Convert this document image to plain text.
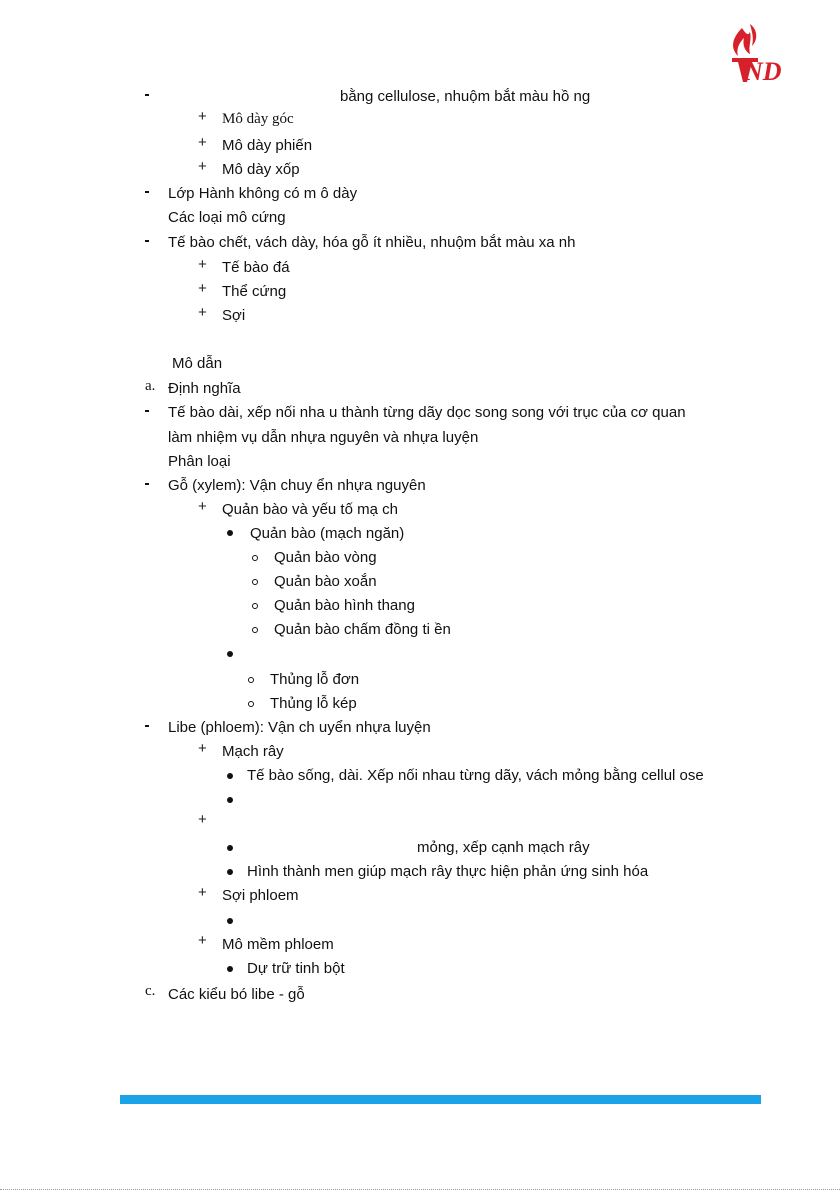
ND
bằng cellulose, nhuộm bắt màu hồ ng
+ Mô dày góc
+ Mô dày phiến
+ Mô dày xốp
Lớp Hành không có m ô dày
Các loại mô cứng
Tế bào chết, vách dày, hóa gỗ ít nhiều, nhuộm bắt màu xa nh
+ Tế bào đá
+ Thể cứng
+ Sợi
Mô dẫn
a. Định nghĩa
Tế bào dài, xếp nối nha u thành từng dãy dọc song song với trục của cơ quan
làm nhiệm vụ dẫn nhựa nguyên và nhựa luyện
Phân loại
Gỗ (xylem): Vận chuy ển nhựa nguyên
+ Quản bào và yếu tố mạ ch
Quản bào (mạch ngăn)
Quản bào vòng
Quản bào xoắn
Quản bào hình thang
Quản bào chấm đồng ti ền
Thủng lỗ đơn
Thủng lỗ kép
Libe (phloem): Vận ch uyển nhựa luyện
+ Mạch rây
Tế bào sống, dài. Xếp nối nhau từng dãy, vách mỏng bằng cellul ose
+
mỏng, xếp cạnh mạch rây
Hình thành men giúp mạch rây thực hiện phản ứng sinh hóa
+ Sợi phloem
+ Mô mềm phloem
Dự trữ tinh bột
c. Các kiểu bó libe - gỗ
